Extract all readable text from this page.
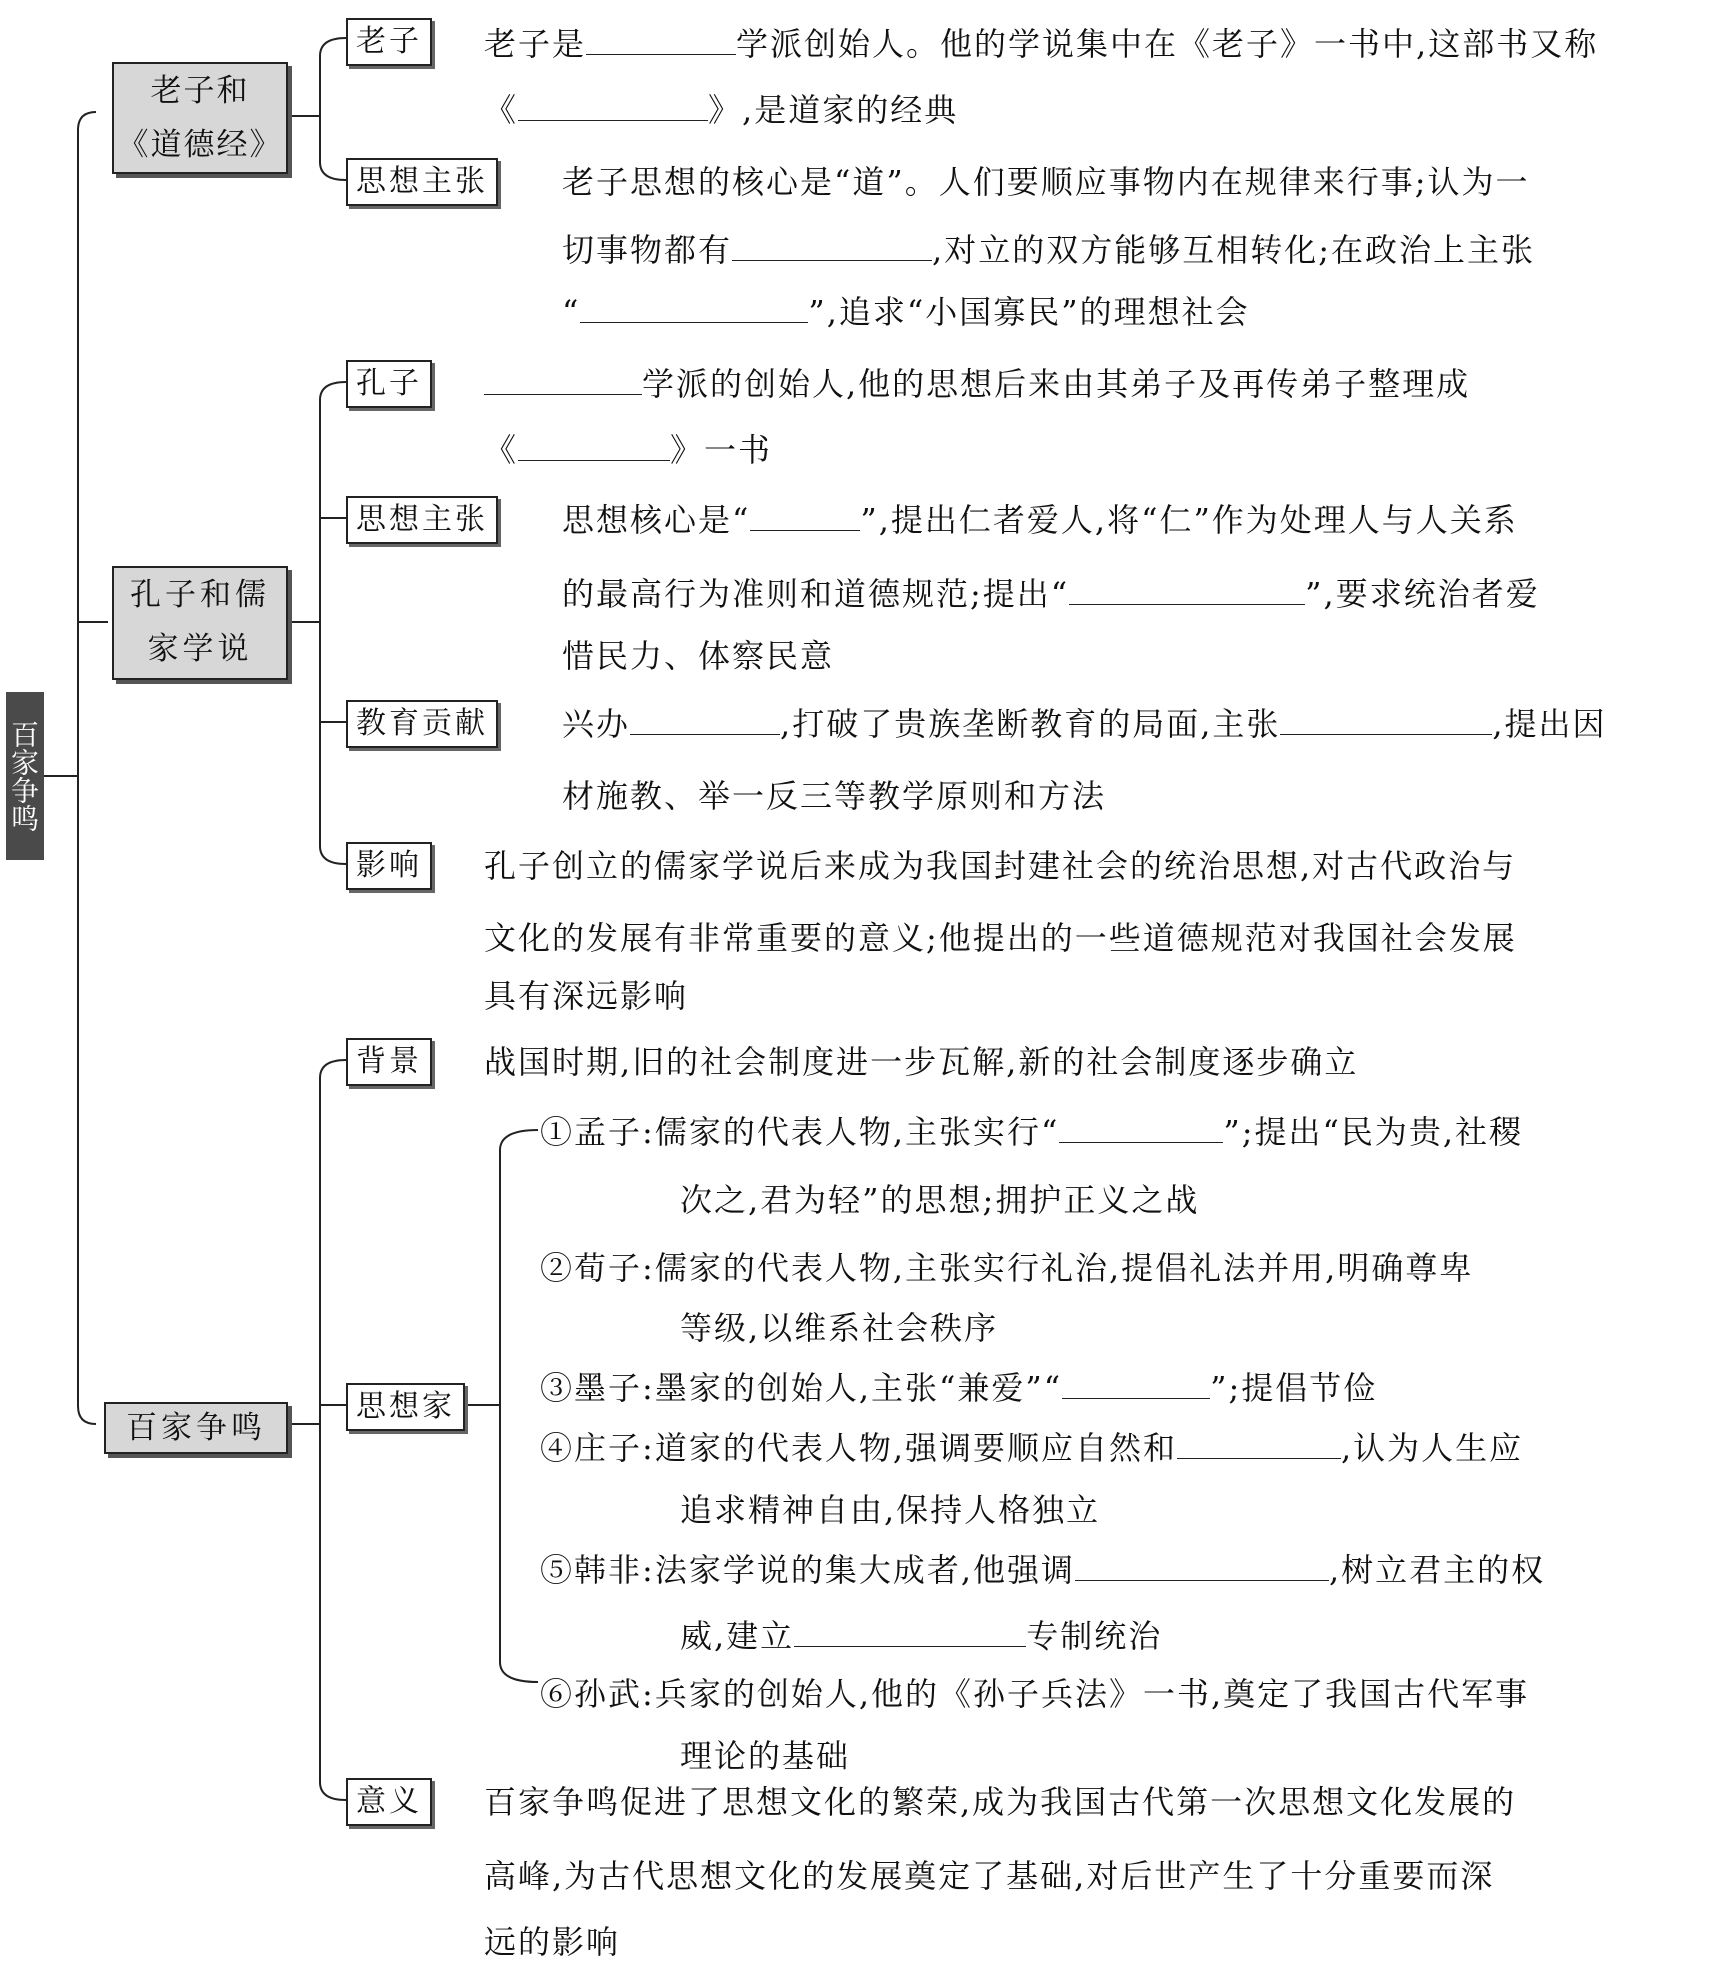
百家争鸣
老子和
《道德经》
老子	老子是	学派创始人。他的学说集中在《老子》一书中,这部书又称
《	》,是道家的经典
思想主张	老子思想的核心是“道”。人们要顺应事物内在规律来行事;认为一
切事物都有	,对立的双方能够互相转化;在政治上主张
“	”,追求“小国寡民”的理想社会
孔子和儒
家学说
孔子	学派的创始人,他的思想后来由其弟子及再传弟子整理成
《	》一书
思想主张	思想核心是“	”,提出仁者爱人,将“仁”作为处理人与人关系
的最高行为准则和道德规范;提出“	”,要求统治者爱
惜民力、体察民意
教育贡献	兴办	,打破了贵族垄断教育的局面,主张	,提出因
材施教、举一反三等教学原则和方法
影响	孔子创立的儒家学说后来成为我国封建社会的统治思想,对古代政治与
文化的发展有非常重要的意义;他提出的一些道德规范对我国社会发展
具有深远影响
百家争鸣
背景	战国时期,旧的社会制度进一步瓦解,新的社会制度逐步确立
思想家
①孟子:儒家的代表人物,主张实行“	”;提出“民为贵,社稷
次之,君为轻”的思想;拥护正义之战
②荀子:儒家的代表人物,主张实行礼治,提倡礼法并用,明确尊卑
等级,以维系社会秩序
③墨子:墨家的创始人,主张“兼爱”“	”;提倡节俭
④庄子:道家的代表人物,强调要顺应自然和	,认为人生应
追求精神自由,保持人格独立
⑤韩非:法家学说的集大成者,他强调	,树立君主的权
威,建立	专制统治
⑥孙武:兵家的创始人,他的《孙子兵法》一书,奠定了我国古代军事
理论的基础
意义	百家争鸣促进了思想文化的繁荣,成为我国古代第一次思想文化发展的
高峰,为古代思想文化的发展奠定了基础,对后世产生了十分重要而深
远的影响
